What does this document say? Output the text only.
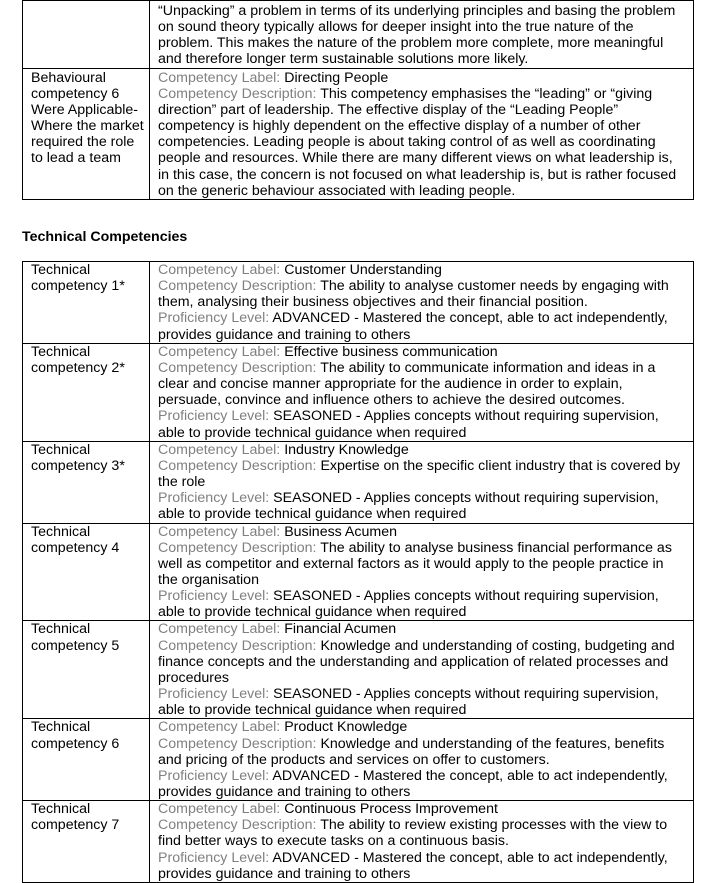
	“Unpacking” a problem in terms of its underlying principles and basing the problem on sound theory typically allows for deeper insight into the true nature of the problem. This makes the nature of the problem more complete, more meaningful and therefore longer term sustainable solutions more likely.
Behavioural competency 6 Were Applicable- Where the market required the role to lead a team	Competency Label: Directing People
Competency Description: This competency emphasises the “leading” or “giving direction” part of leadership. The effective display of the “Leading People” competency is highly dependent on the effective display of a number of other competencies. Leading people is about taking control of as well as coordinating people and resources. While there are many different views on what leadership is, in this case, the concern is not focused on what leadership is, but is rather focused on the generic behaviour associated with leading people.
Technical Competencies
Technical competency 1*	Competency Label: Customer Understanding
Competency Description: The ability to analyse customer needs by engaging with them, analysing their business objectives and their financial position.
Proficiency Level: ADVANCED - Mastered the concept, able to act independently, provides guidance and training to others
Technical competency 2*	Competency Label: Effective business communication
Competency Description: The ability to communicate information and ideas in a clear and concise manner appropriate for the audience in order to explain, persuade, convince and influence others to achieve the desired outcomes.
Proficiency Level: SEASONED - Applies concepts without requiring supervision, able to provide technical guidance when required
Technical competency 3*	Competency Label: Industry Knowledge
Competency Description: Expertise on the specific client industry that is covered by the role
Proficiency Level: SEASONED - Applies concepts without requiring supervision, able to provide technical guidance when required
Technical competency 4	Competency Label: Business Acumen
Competency Description: The ability to analyse business financial performance as well as competitor and external factors as it would apply to the people practice in the organisation
Proficiency Level: SEASONED - Applies concepts without requiring supervision, able to provide technical guidance when required
Technical competency 5	Competency Label: Financial Acumen
Competency Description: Knowledge and understanding of costing, budgeting and finance concepts and the understanding and application of related processes and procedures
Proficiency Level: SEASONED - Applies concepts without requiring supervision, able to provide technical guidance when required
Technical competency 6	Competency Label: Product Knowledge
Competency Description: Knowledge and understanding of the features, benefits and pricing of the products and services on offer to customers.
Proficiency Level: ADVANCED - Mastered the concept, able to act independently, provides guidance and training to others
Technical competency 7	Competency Label: Continuous Process Improvement
Competency Description: The ability to review existing processes with the view to find better ways to execute tasks on a continuous basis.
Proficiency Level: ADVANCED - Mastered the concept, able to act independently, provides guidance and training to others
